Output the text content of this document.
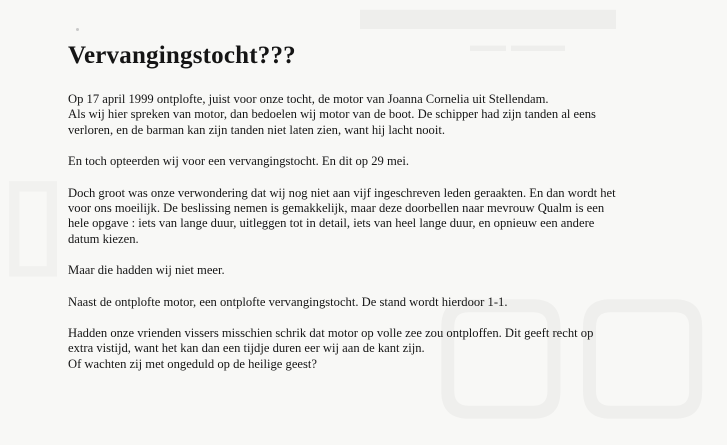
Vervangingstocht???

Op 17 april 1999 ontplofte, juist voor onze tocht, de motor van Joanna Cornelia uit Stellendam.
Als wij hier spreken van motor, dan bedoelen wij motor van de boot. De schipper had zijn tanden al eens
verloren, en de barman kan zijn tanden niet laten zien, want hij lacht nooit.

En toch opteerden wij voor een vervangingstocht. En dit op 29 mei.

Doch groot was onze verwondering dat wij nog niet aan vijf ingeschreven leden geraakten. En dan wordt het
voor ons moeilijk. De beslissing nemen is gemakkelijk, maar deze doorbellen naar mevrouw Qualm is een
hele opgave : iets van lange duur, uitleggen tot in detail, iets van heel lange duur, en opnieuw een andere
datum kiezen.

Maar die hadden wij niet meer.

Naast de ontplofte motor, een ontplofte vervangingstocht. De stand wordt hierdoor 1-1.

Hadden onze vrienden vissers misschien schrik dat motor op volle zee zou ontploffen. Dit geeft recht op
extra vistijd, want het kan dan een tijdje duren eer wij aan de kant zijn.
Of wachten zij met ongeduld op de heilige geest?
